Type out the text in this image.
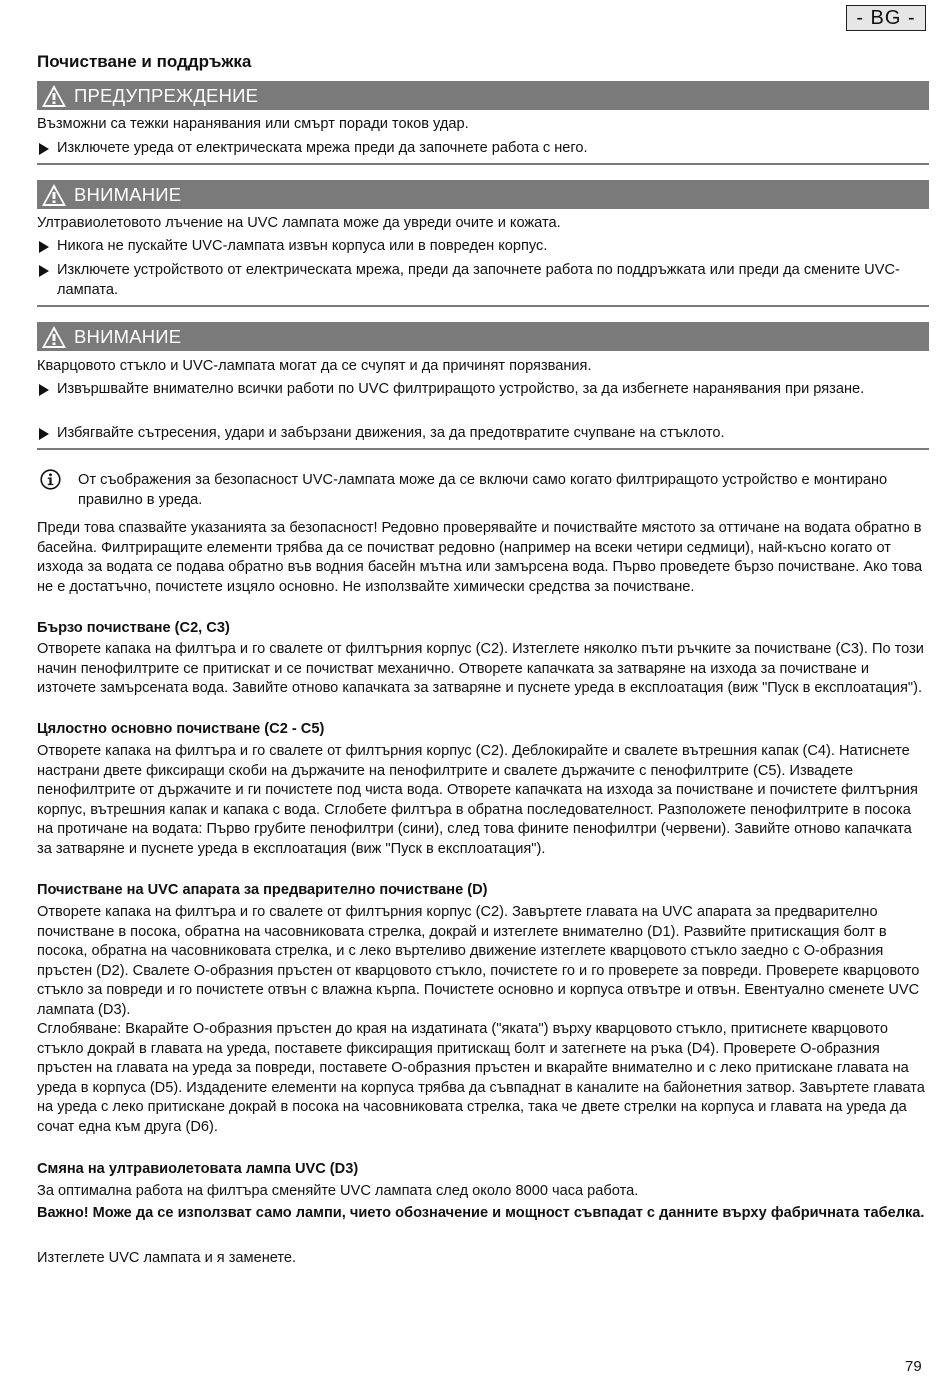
- BG -
Почистване и поддръжка
ПРЕДУПРЕЖДЕНИЕ
Възможни са тежки наранявания или смърт поради токов удар.
Изключете уреда от електрическата мрежа преди да започнете работа с него.
ВНИМАНИЕ
Ултравиолетовото лъчение на UVC лампата може да увреди очите и кожата.
Никога не пускайте UVC-лампата извън корпуса или в повреден корпус.
Изключете устройството от електрическата мрежа, преди да започнете работа по поддръжката или преди да смените UVC-лампата.
ВНИМАНИЕ
Кварцовото стъкло и UVC-лампата могат да се счупят и да причинят порязвания.
Извършвайте внимателно всички работи по UVC филтриращото устройство, за да избегнете наранявания при рязане.
Избягвайте сътресения, удари и забързани движения, за да предотвратите счупване на стъклото.
От съображения за безопасност UVC-лампата може да се включи само когато филтриращото устройство е монтирано правилно в уреда.
Преди това спазвайте указанията за безопасност! Редовно проверявайте и почиствайте мястото за оттичане на водата обратно в басейна. Филтриращите елементи трябва да се почистват редовно (например на всеки четири седмици), най-късно когато от изхода за водата се подава обратно във водния басейн мътна или замърсена вода. Първо проведете бързо почистване. Ако това не е достатъчно, почистете изцяло основно. Не използвайте химически средства за почистване.
Бързо почистване (C2, C3)
Отворете капака на филтъра и го свалете от филтърния корпус (C2). Изтеглете няколко пъти ръчките за почистване (C3). По този начин пенофилтрите се притискат и се почистват механично. Отворете капачката за затваряне на изхода за почистване и източете замърсената вода. Завийте отново капачката за затваряне и пуснете уреда в експлоатация (виж "Пуск в експлоатация").
Цялостно основно почистване (C2 - C5)
Отворете капака на филтъра и го свалете от филтърния корпус (C2). Деблокирайте и свалете вътрешния капак (C4). Натиснете настрани двете фиксиращи скоби на държачите на пенофилтрите и свалете държачите с пенофилтрите (C5). Извадете пенофилтрите от държачите и ги почистете под чиста вода. Отворете капачката на изхода за почистване и почистете филтърния корпус, вътрешния капак и капака с вода. Сглобете филтъра в обратна последователност. Разположете пенофилтрите в посока на протичане на водата: Първо грубите пенофилтри (сини), след това фините пенофилтри (червени). Завийте отново капачката за затваряне и пуснете уреда в експлоатация (виж "Пуск в експлоатация").
Почистване на UVC апарата за предварително почистване (D)
Отворете капака на филтъра и го свалете от филтърния корпус (C2). Завъртете главата на UVC апарата за предварително почистване в посока, обратна на часовниковата стрелка, докрай и изтеглете внимателно (D1). Развийте притискащия болт в посока, обратна на часовниковата стрелка, и с леко въртеливо движение изтеглете кварцовото стъкло заедно с О-образния пръстен (D2). Свалете О-образния пръстен от кварцовото стъкло, почистете го и го проверете за повреди. Проверете кварцовото стъкло за повреди и го почистете отвън с влажна кърпа. Почистете основно и корпуса отвътре и отвън. Евентуално сменете UVC лампата (D3).
Сглобяване: Вкарайте О-образния пръстен до края на издатината ("яката") върху кварцовото стъкло, притиснете кварцовото стъкло докрай в главата на уреда, поставете фиксиращия притискащ болт и затегнете на ръка (D4). Проверете О-образния пръстен на главата на уреда за повреди, поставете О-образния пръстен и вкарайте внимателно и с леко притискане главата на уреда в корпуса (D5). Издадените елементи на корпуса трябва да съвпаднат в каналите на байонетния затвор. Завъртете главата на уреда с леко притискане докрай в посока на часовниковата стрелка, така че двете стрелки на корпуса и главата на уреда да сочат една към друга (D6).
Смяна на ултравиолетовата лампа UVC (D3)
За оптимална работа на филтъра сменяйте UVC лампата след около 8000 часа работа.
Важно! Може да се използват само лампи, чието обозначение и мощност съвпадат с данните върху фабричната табелка.
Изтеглете UVC лампата и я заменете.
79
